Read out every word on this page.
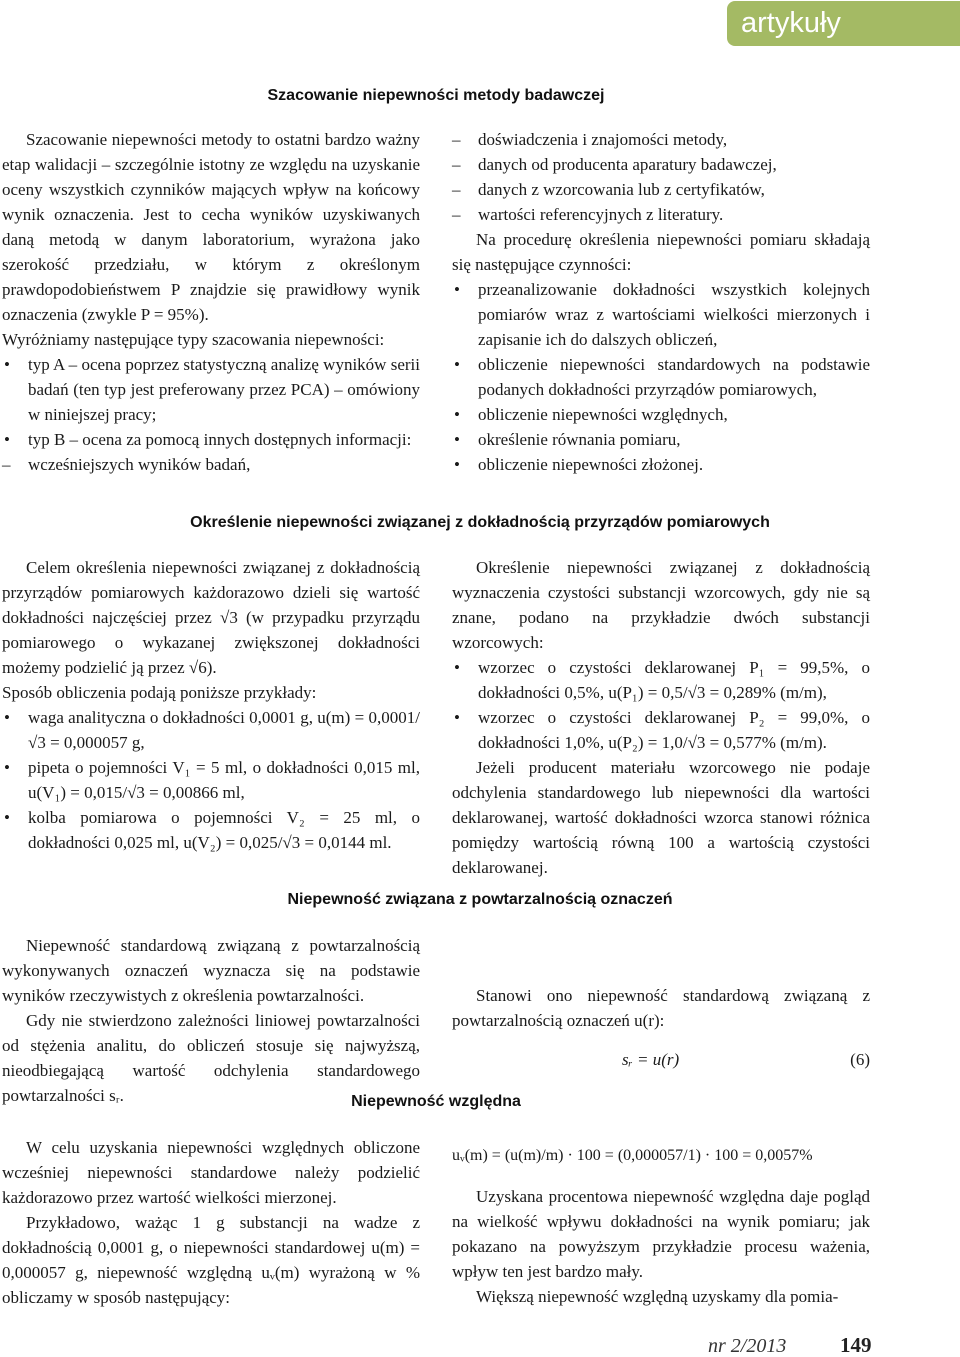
artykuły
Szacowanie niepewności metody badawczej

Szacowanie niepewności metody to ostatni bardzo ważny etap walidacji – szczególnie istotny ze względu na uzyskanie oceny wszystkich czynników mających wpływ na końcowy wynik oznaczenia. Jest to cecha wyników uzyskiwanych daną metodą w danym laboratorium, wyrażona jako szerokość przedziału, w którym z określonym prawdopodobieństwem P znajdzie się prawidłowy wynik oznaczenia (zwykle P = 95%).

Wyróżniamy następujące typy szacowania niepewności:

• typ A – ocena poprzez statystyczną analizę wyników serii badań (ten typ jest preferowany przez PCA) – omówiony w niniejszej pracy;
• typ B – ocena za pomocą innych dostępnych informacji:
– wcześniejszych wyników badań,
– doświadczenia i znajomości metody,
– danych od producenta aparatury badawczej,
– danych z wzorcowania lub z certyfikatów,
– wartości referencyjnych z literatury.

Na procedurę określenia niepewności pomiaru składają się następujące czynności:

• przeanalizowanie dokładności wszystkich kolejnych pomiarów wraz z wartościami wielkości mierzonych i zapisanie ich do dalszych obliczeń,
• obliczenie niepewności standardowych na podstawie podanych dokładności przyrządów pomiarowych,
• obliczenie niepewności względnych,
• określenie równania pomiaru,
• obliczenie niepewności złożonej.
Określenie niepewności związanej z dokładnością przyrządów pomiarowych

Celem określenia niepewności związanej z dokładnością przyrządów pomiarowych każdorazowo dzieli się wartość dokładności najczęściej przez √3 (w przypadku przyrządu pomiarowego o wykazanej zwiększonej dokładności możemy podzielić ją przez √6).

Sposób obliczenia podają poniższe przykłady:

• waga analityczna o dokładności 0,0001 g, u(m) = 0,0001/√3 = 0,000057 g,
• pipeta o pojemności V₁ = 5 ml, o dokładności 0,015 ml, u(V₁) = 0,015/√3 = 0,00866 ml,
• kolba pomiarowa o pojemności V₂ = 25 ml, o dokładności 0,025 ml, u(V₂) = 0,025/√3 = 0,0144 ml.

Określenie niepewności związanej z dokładnością wyznaczenia czystości substancji wzorcowych, gdy nie są znane, podano na przykładzie dwóch substancji wzorcowych:

• wzorzec o czystości deklarowanej P₁ = 99,5%, o dokładności 0,5%, u(P₁) = 0,5/√3 = 0,289% (m/m),
• wzorzec o czystości deklarowanej P₂ = 99,0%, o dokładności 1,0%, u(P₂) = 1,0/√3 = 0,577% (m/m).

Jeżeli producent materiału wzorcowego nie podaje odchylenia standardowego lub niepewności dla wartości deklarowanej, wartość dokładności wzorca stanowi różnica pomiędzy wartością równą 100 a wartością czystości deklarowanej.

Niepewność związana z powtarzalnością oznaczeń

Niepewność standardową związaną z powtarzalnością wykonywanych oznaczeń wyznacza się na podstawie wyników rzeczywistych z określenia powtarzalności.

Gdy nie stwierdzono zależności liniowej powtarzalności od stężenia analitu, do obliczeń stosuje się najwyższą, nieodbiegającą wartość odchylenia standardowego powtarzalności sᵣ.

Stanowi ono niepewność standardową związaną z powtarzalnością oznaczeń u(r):

sᵣ = u(r)	(6)
Niepewność względna

W celu uzyskania niepewności względnych obliczone wcześniej niepewności standardowe należy podzielić każdorazowo przez wartość wielkości mierzonej.

Przykładowo, ważąc 1 g substancji na wadze z dokładnością 0,0001 g, o niepewności standardowej u(m) = 0,000057 g, niepewność względną uᵥ(m) wyrażoną w % obliczamy w sposób następujący:

uᵥ(m) = (u(m)/m) · 100 = (0,000057/1) · 100 = 0,0057%

Uzyskana procentowa niepewność względna daje pogląd na wielkość wpływu dokładności na wynik pomiaru; jak pokazano na powyższym przykładzie procesu ważenia, wpływ ten jest bardzo mały.

Większą niepewność względną uzyskamy dla pomia-

nr 2/2013	149
